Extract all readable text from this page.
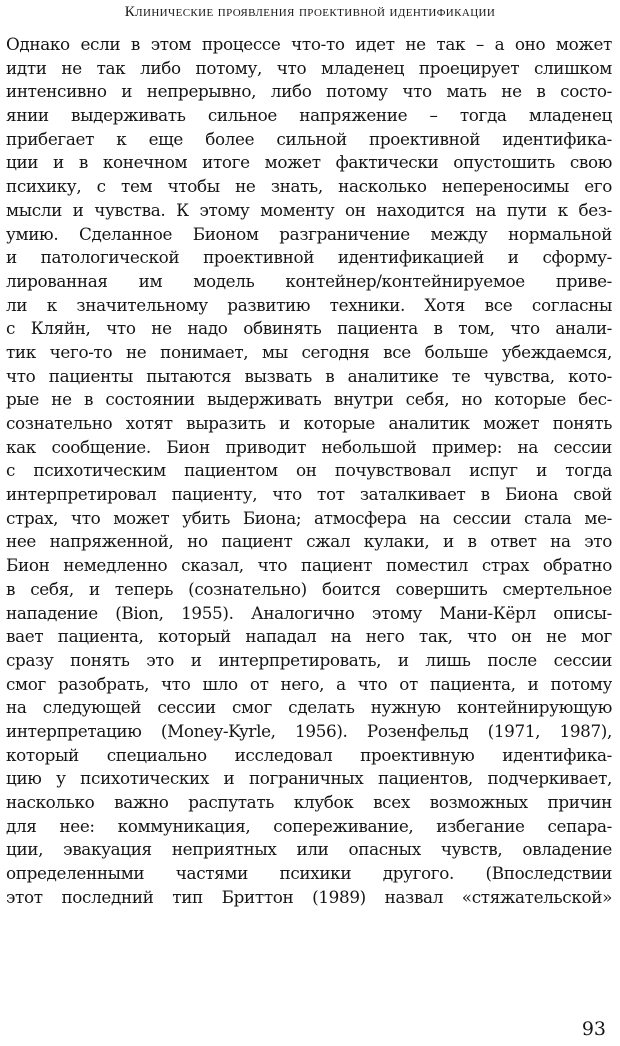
Клинические проявления проективной идентификации
Однако если в этом процессе что-то идет не так – а оно может
идти не так либо потому, что младенец проецирует слишком
интенсивно и непрерывно, либо потому что мать не в состо-
янии выдерживать сильное напряжение – тогда младенец
прибегает к еще более сильной проективной идентифика-
ции и в конечном итоге может фактически опустошить свою
психику, с тем чтобы не знать, насколько непереносимы его
мысли и чувства. К этому моменту он находится на пути к без-
умию. Сделанное Бионом разграничение между нормальной
и патологической проективной идентификацией и сформу-
лированная им модель контейнер/контейнируемое приве-
ли к значительному развитию техники. Хотя все согласны
с Кляйн, что не надо обвинять пациента в том, что анали-
тик чего-то не понимает, мы сегодня все больше убеждаемся,
что пациенты пытаются вызвать в аналитике те чувства, кото-
рые не в состоянии выдерживать внутри себя, но которые бес-
сознательно хотят выразить и которые аналитик может понять
как сообщение. Бион приводит небольшой пример: на сессии
с психотическим пациентом он почувствовал испуг и тогда
интерпретировал пациенту, что тот заталкивает в Биона свой
страх, что может убить Биона; атмосфера на сессии стала ме-
нее напряженной, но пациент сжал кулаки, и в ответ на это
Бион немедленно сказал, что пациент поместил страх обратно
в себя, и теперь (сознательно) боится совершить смертельное
нападение (Bion, 1955). Аналогично этому Мани-Кёрл описы-
вает пациента, который нападал на него так, что он не мог
сразу понять это и интерпретировать, и лишь после сессии
смог разобрать, что шло от него, а что от пациента, и потому
на следующей сессии смог сделать нужную контейнирующую
интерпретацию (Money-Kyrle, 1956). Розенфельд (1971, 1987),
который специально исследовал проективную идентифика-
цию у психотических и пограничных пациентов, подчеркивает,
насколько важно распутать клубок всех возможных причин
для нее: коммуникация, сопереживание, избегание сепара-
ции, эвакуация неприятных или опасных чувств, овладение
определенными частями психики другого. (Впоследствии
этот последний тип Бриттон (1989) назвал «стяжательской»
93
